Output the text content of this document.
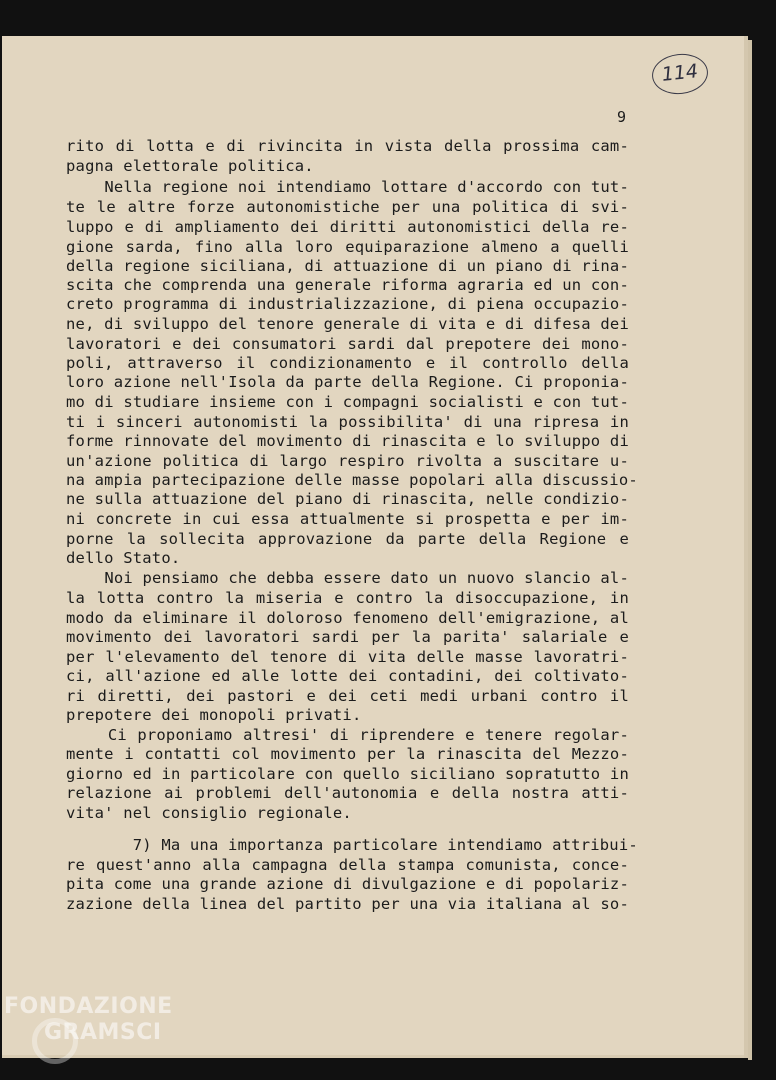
114
9
rito di lotta e di rivincita in vista della prossima cam-
pagna elettorale politica.
Nella regione noi intendiamo lottare d'accordo con tut-
te le altre forze autonomistiche per una politica di svi-
luppo e di ampliamento dei diritti autonomistici della re-
gione sarda, fino alla loro equiparazione almeno a quelli
della regione siciliana, di attuazione di un piano di rina-
scita che comprenda una generale riforma agraria ed un con-
creto programma di industrializzazione, di piena occupazio-
ne, di sviluppo del tenore generale di vita e di difesa dei
lavoratori e dei consumatori sardi dal prepotere dei mono-
poli, attraverso il condizionamento e il controllo della
loro azione nell'Isola da parte della Regione. Ci proponia-
mo di studiare insieme con i compagni socialisti e con tut-
ti i sinceri autonomisti la possibilita' di una ripresa in
forme rinnovate del movimento di rinascita e lo sviluppo di
un'azione politica di largo respiro rivolta a suscitare u-
na ampia partecipazione delle masse popolari alla discussio-
ne sulla attuazione del piano di rinascita, nelle condizio-
ni concrete in cui essa attualmente si prospetta e per im-
porne la sollecita approvazione da parte della Regione e
dello Stato.
Noi pensiamo che debba essere dato un nuovo slancio al-
la lotta contro la miseria e contro la disoccupazione, in
modo da eliminare il doloroso fenomeno dell'emigrazione, al
movimento dei lavoratori sardi per la parita' salariale e
per l'elevamento del tenore di vita delle masse lavoratri-
ci, all'azione ed alle lotte dei contadini, dei coltivato-
ri diretti, dei pastori e dei ceti medi urbani contro il
prepotere dei monopoli privati.
Ci proponiamo altresi' di riprendere e tenere regolar-
mente i contatti col movimento per la rinascita del Mezzo-
giorno ed in particolare con quello siciliano sopratutto in
relazione ai problemi dell'autonomia e della nostra atti-
vita' nel consiglio regionale.
7) Ma una importanza particolare intendiamo attribui-
re quest'anno alla campagna della stampa comunista, conce-
pita come una grande azione di divulgazione e di popolariz-
zazione della linea del partito per una via italiana al so-
FONDAZIONE
GRAMSCI
